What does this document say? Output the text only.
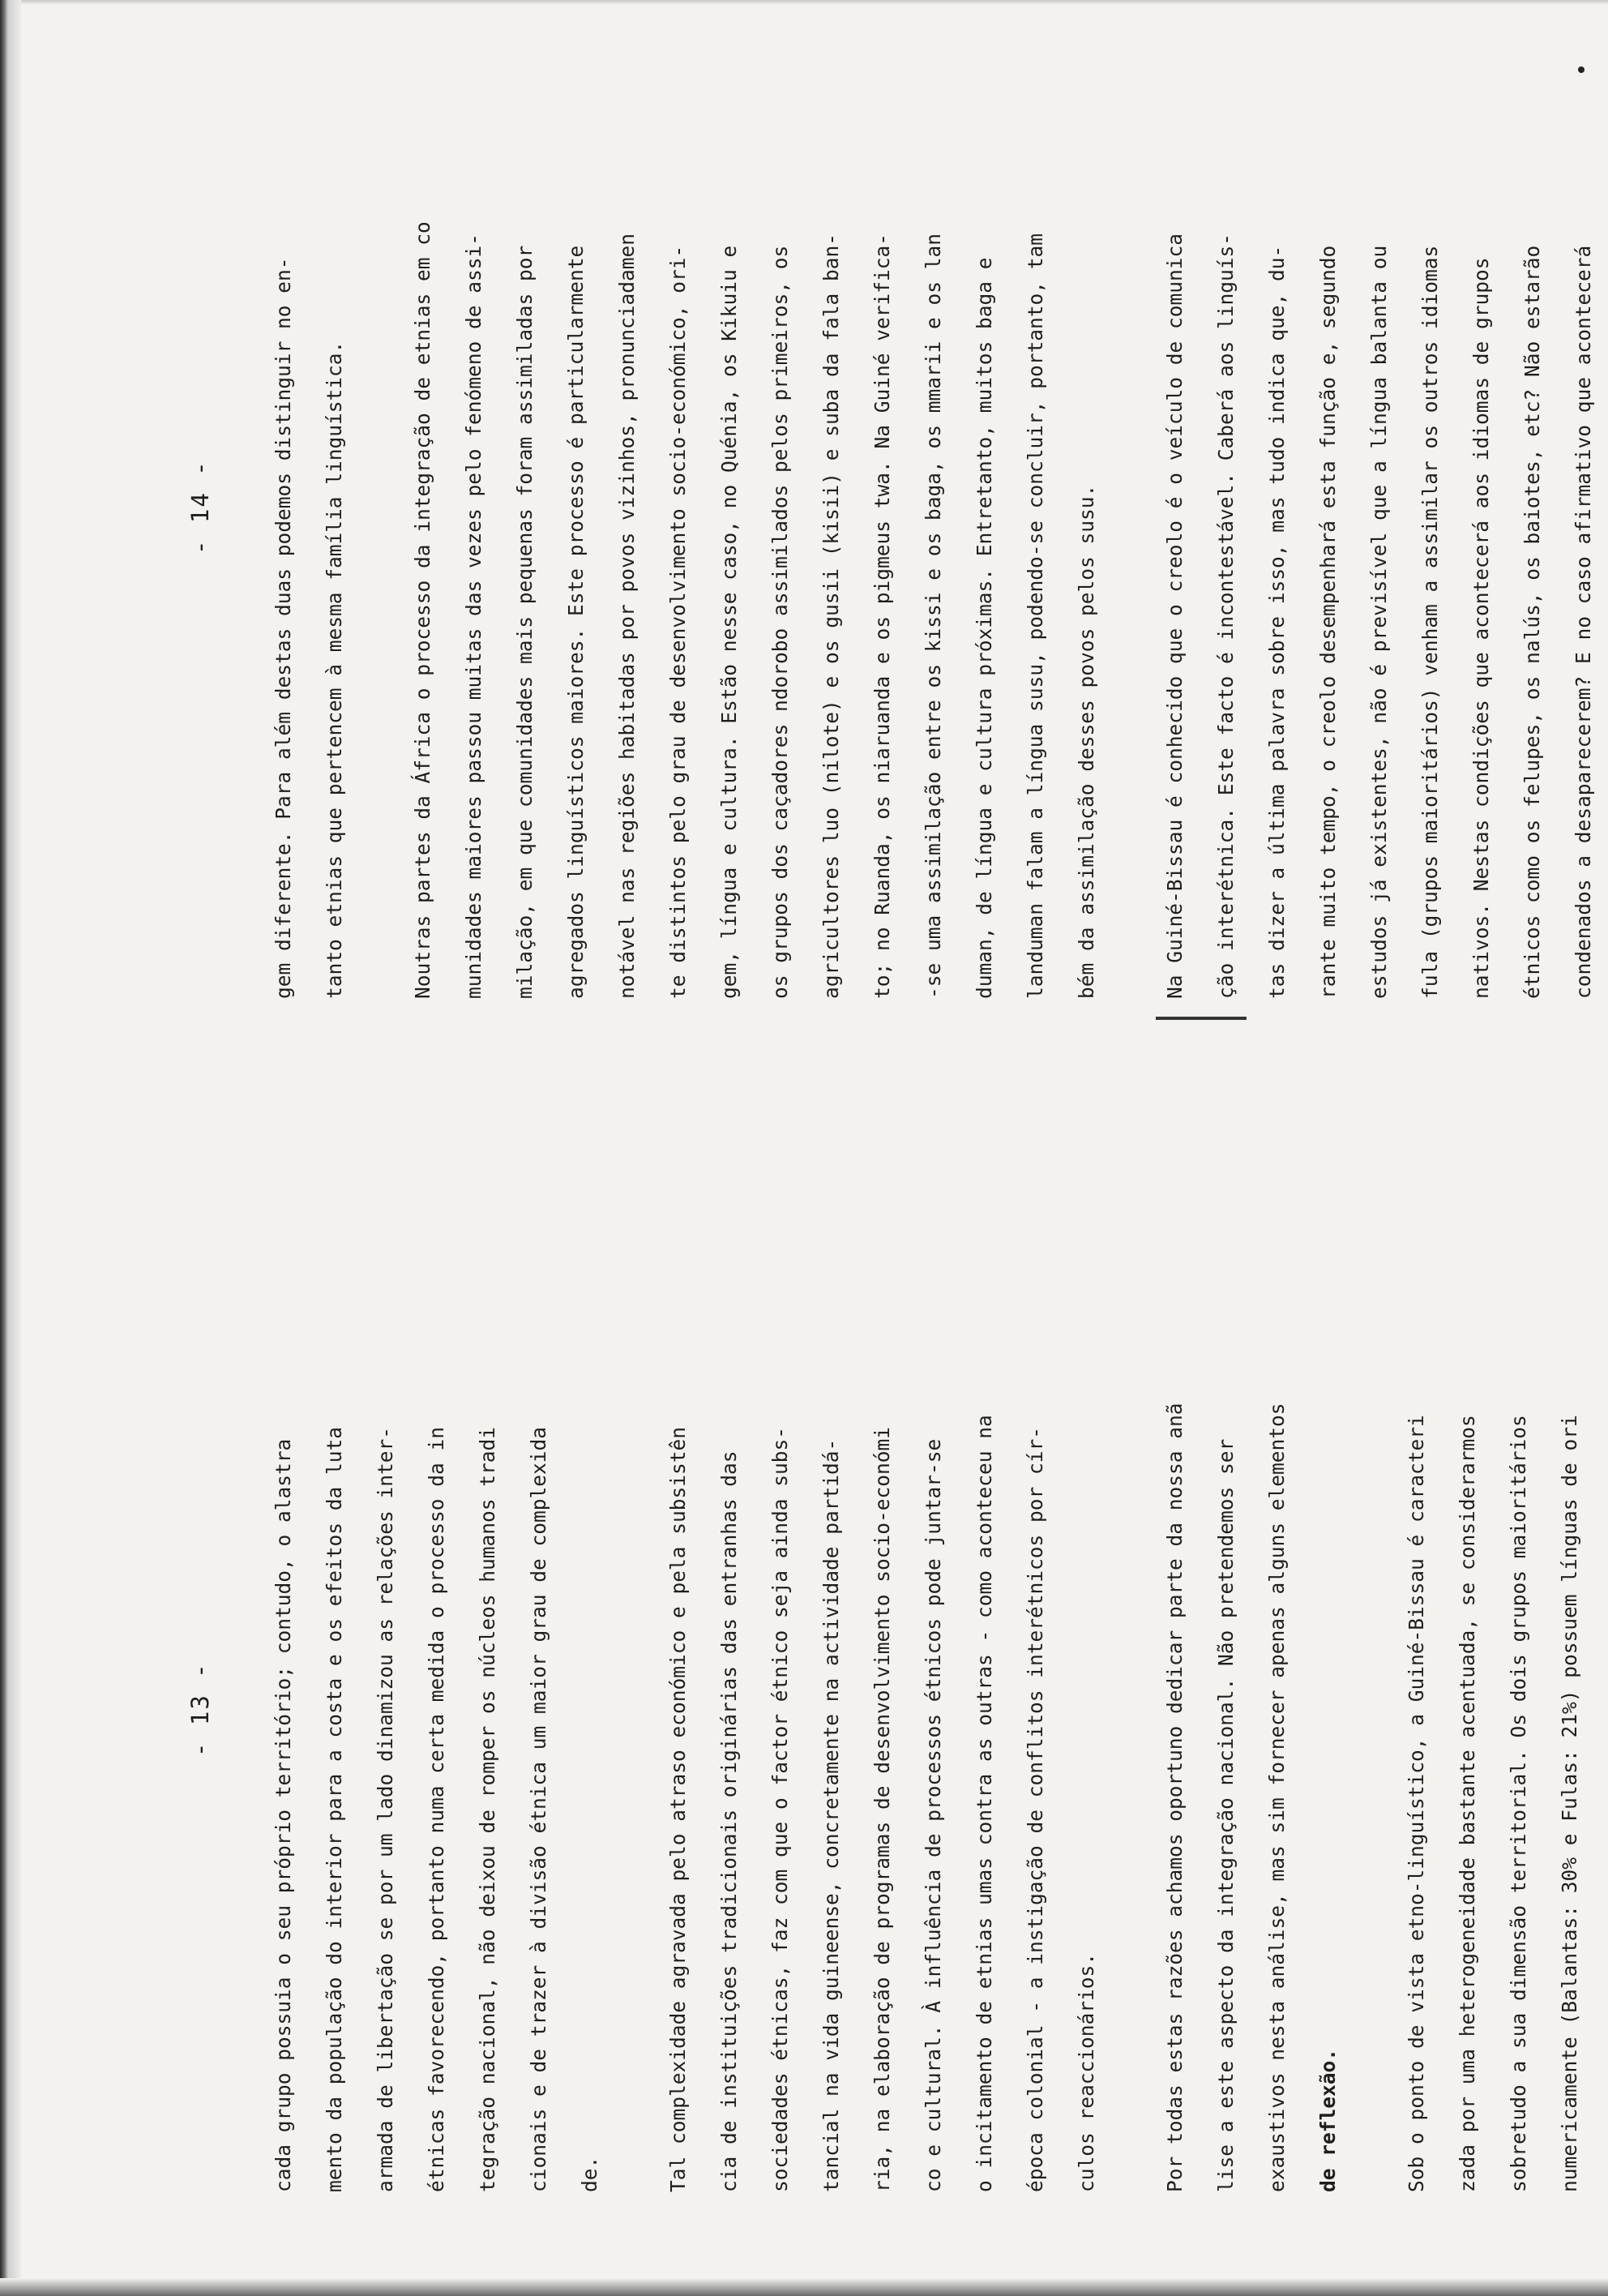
- 13 -
- 14 -

cada grupo possuia o seu próprio território; contudo, o alastra	mento da população do interior para a costa e os efeitos da luta	armada de libertação se por um lado dinamizou as relações inter-	étnicas favorecendo, portanto numa certa medida o processo da in	tegração nacional, não deixou de romper os núcleos humanos tradi	cionais e de trazer à divisão étnica um maior grau de complexida	de.	Tal complexidade agravada pelo atraso económico e pela subsistên	cia de instituições tradicionais originárias das entranhas das	sociedades étnicas, faz com que o factor étnico seja ainda subs-	tancial na vida guineense, concretamente na actividade partidá-	ria, na elaboração de programas de desenvolvimento socio-económi	co e cultural. À influência de processos étnicos pode juntar-se	o incitamento de etnias umas contra as outras - como aconteceu na	época colonial - a instigação de conflitos interétnicos por cír-	culos reaccionários.	Por todas estas razões achamos oportuno dedicar parte da nossa anã	lise a este aspecto da integração nacional. Não pretendemos ser	exaustivos nesta análise, mas sim fornecer apenas alguns elementos	de reflexão.	Sob o ponto de vista etno-linguístico, a Guiné-Bissau é caracteri	zada por uma heterogeneidade bastante acentuada, se considerarmos	sobretudo a sua dimensão territorial. Os dois grupos maioritários	numericamente (Balantas: 30% e Fulas: 21%) possuem línguas de ori

gem diferente. Para além destas duas podemos distinguir no en-	tanto etnias que pertencem à mesma família linguística.	Noutras partes da África o processo da integração de etnias em co	munidades maiores passou muitas das vezes pelo fenómeno de assi-	milação, em que comunidades mais pequenas foram assimiladas por	agregados linguísticos maiores. Este processo é particularmente	notável nas regiões habitadas por povos vizinhos, pronunciadamen	te distintos pelo grau de desenvolvimento socio-económico, ori-	gem, língua e cultura. Estão nesse caso, no Quénia, os Kikuiu e	os grupos dos caçadores ndorobo assimilados pelos primeiros, os	agricultores luo (nilote) e os gusii (kisii) e suba da fala ban-	to; no Ruanda, os niaruanda e os pigmeus twa. Na Guiné verifica-	-se uma assimilação entre os kissi e os baga, os mmarii e os lan	duman, de língua e cultura próximas. Entretanto, muitos baga e	landuman falam a língua susu, podendo-se concluir, portanto, tam	bém da assimilação desses povos pelos susu.	Na Guiné-Bissau é conhecido que o creolo é o veículo de comunica	ção interétnica. Este facto é incontestável. Caberá aos linguís-	tas dizer a última palavra sobre isso, mas tudo indica que, du-	rante muito tempo, o creolo desempenhará esta função e, segundo	estudos já existentes, não é previsível que a língua balanta ou	fula (grupos maioritários) venham a assimilar os outros idiomas	nativos. Nestas condições que acontecerá aos idiomas de grupos	étnicos como os felupes, os nalús, os baiotes, etc? Não estarão	condenados a desaparecerem? E no caso afirmativo que acontecerá
